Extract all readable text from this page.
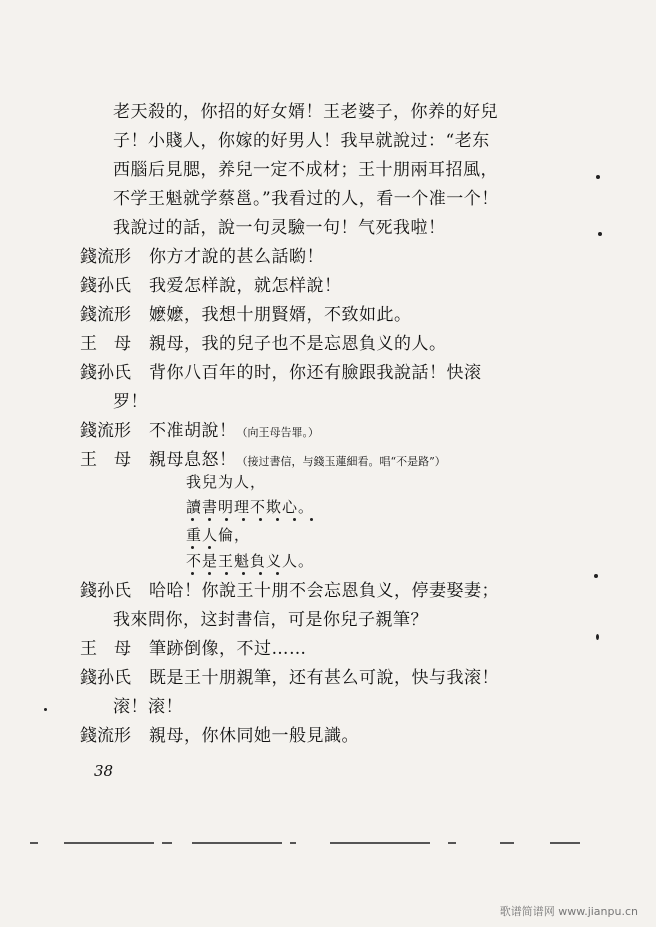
老天殺的，你招的好女婿！王老婆子，你养的好兒
子！小賤人，你嫁的好男人！我早就說过：“老东
西腦后見腮，养兒一定不成材；王十朋兩耳招風，
不学王魁就学蔡邕。”我看过的人，看一个准一个！
我說过的話，說一句灵驗一句！气死我啦！
錢流形 你方才說的甚么話喲！
錢孙氏 我爱怎样說，就怎样說！
錢流形 嬷嬷，我想十朋賢婿，不致如此。
王　母 親母，我的兒子也不是忘恩負义的人。
錢孙氏 背你八百年的时，你还有臉跟我說話！快滚
罗！
錢流形 不准胡說！（向王母告罪。）
王　母 親母息怒！（接过書信，与錢玉蓮細看。唱“不是路”）
我兒为人，
讀書明理不欺心。
重人倫，
不是王魁負义人。
錢孙氏 哈哈！你說王十朋不会忘恩負义，停妻娶妻；
我來問你，这封書信，可是你兒子親筆？
王　母 筆跡倒像，不过……
錢孙氏 既是王十朋親筆，还有甚么可說，快与我滚！
滚！滚！
錢流形 親母，你休同她一般見識。
38
歌谱简谱网 www.jianpu.cn
